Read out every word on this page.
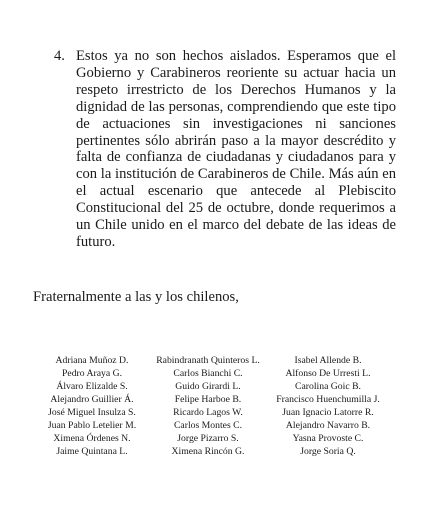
4. Estos ya no son hechos aislados. Esperamos que el Gobierno y Carabineros reoriente su actuar hacia un respeto irrestricto de los Derechos Humanos y la dignidad de las personas, comprendiendo que este tipo de actuaciones sin investigaciones ni sanciones pertinentes sólo abrirán paso a la mayor descrédito y falta de confianza de ciudadanas y ciudadanos para y con la institución de Carabineros de Chile. Más aún en el actual escenario que antecede al Plebiscito Constitucional del 25 de octubre, donde requerimos a un Chile unido en el marco del debate de las ideas de futuro.
Fraternalmente a las y los chilenos,
Adriana Muñoz D.	Rabindranath Quinteros L.	Isabel Allende B.
Pedro Araya G.	Carlos Bianchi C.	Alfonso De Urresti L.
Álvaro Elizalde S.	Guido Girardi L.	Carolina Goic B.
Alejandro Guillier Á.	Felipe Harboe B.	Francisco Huenchumilla J.
José Miguel Insulza S.	Ricardo Lagos W.	Juan Ignacio Latorre R.
Juan Pablo Letelier M.	Carlos Montes C.	Alejandro Navarro B.
Ximena Órdenes N.	Jorge Pizarro S.	Yasna Provoste C.
Jaime Quintana L.	Ximena Rincón G.	Jorge Soria Q.
